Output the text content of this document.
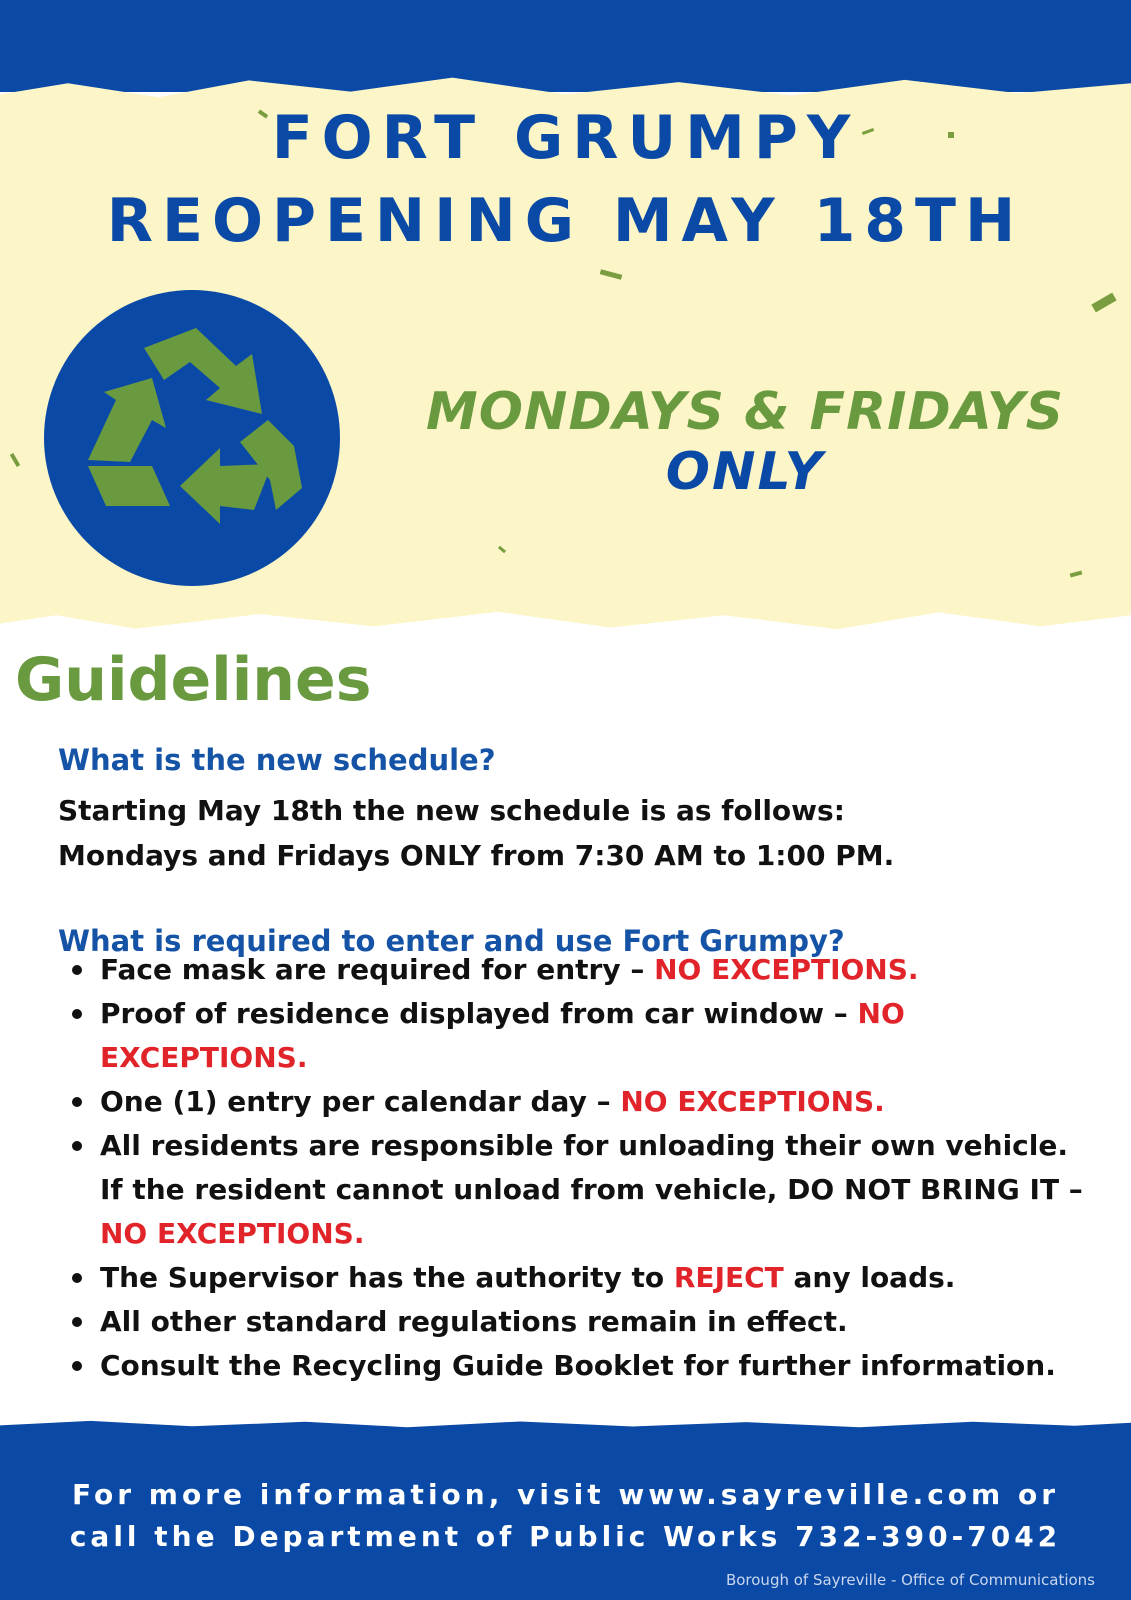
FORT GRUMPY
REOPENING MAY 18TH
MONDAYS & FRIDAYS
ONLY
Guidelines
What is the new schedule?
Starting May 18th the new schedule is as follows:
Mondays and Fridays ONLY from 7:30 AM to 1:00 PM.
What is required to enter and use Fort Grumpy?
Face mask are required for entry – NO EXCEPTIONS.
Proof of residence displayed from car window – NO EXCEPTIONS.
One (1) entry per calendar day – NO EXCEPTIONS.
All residents are responsible for unloading their own vehicle. If the resident cannot unload from vehicle, DO NOT BRING IT – NO EXCEPTIONS.
The Supervisor has the authority to REJECT any loads.
All other standard regulations remain in effect.
Consult the Recycling Guide Booklet for further information.
For more information, visit www.sayreville.com or
call the Department of Public Works 732-390-7042
Borough of Sayreville - Office of Communications
